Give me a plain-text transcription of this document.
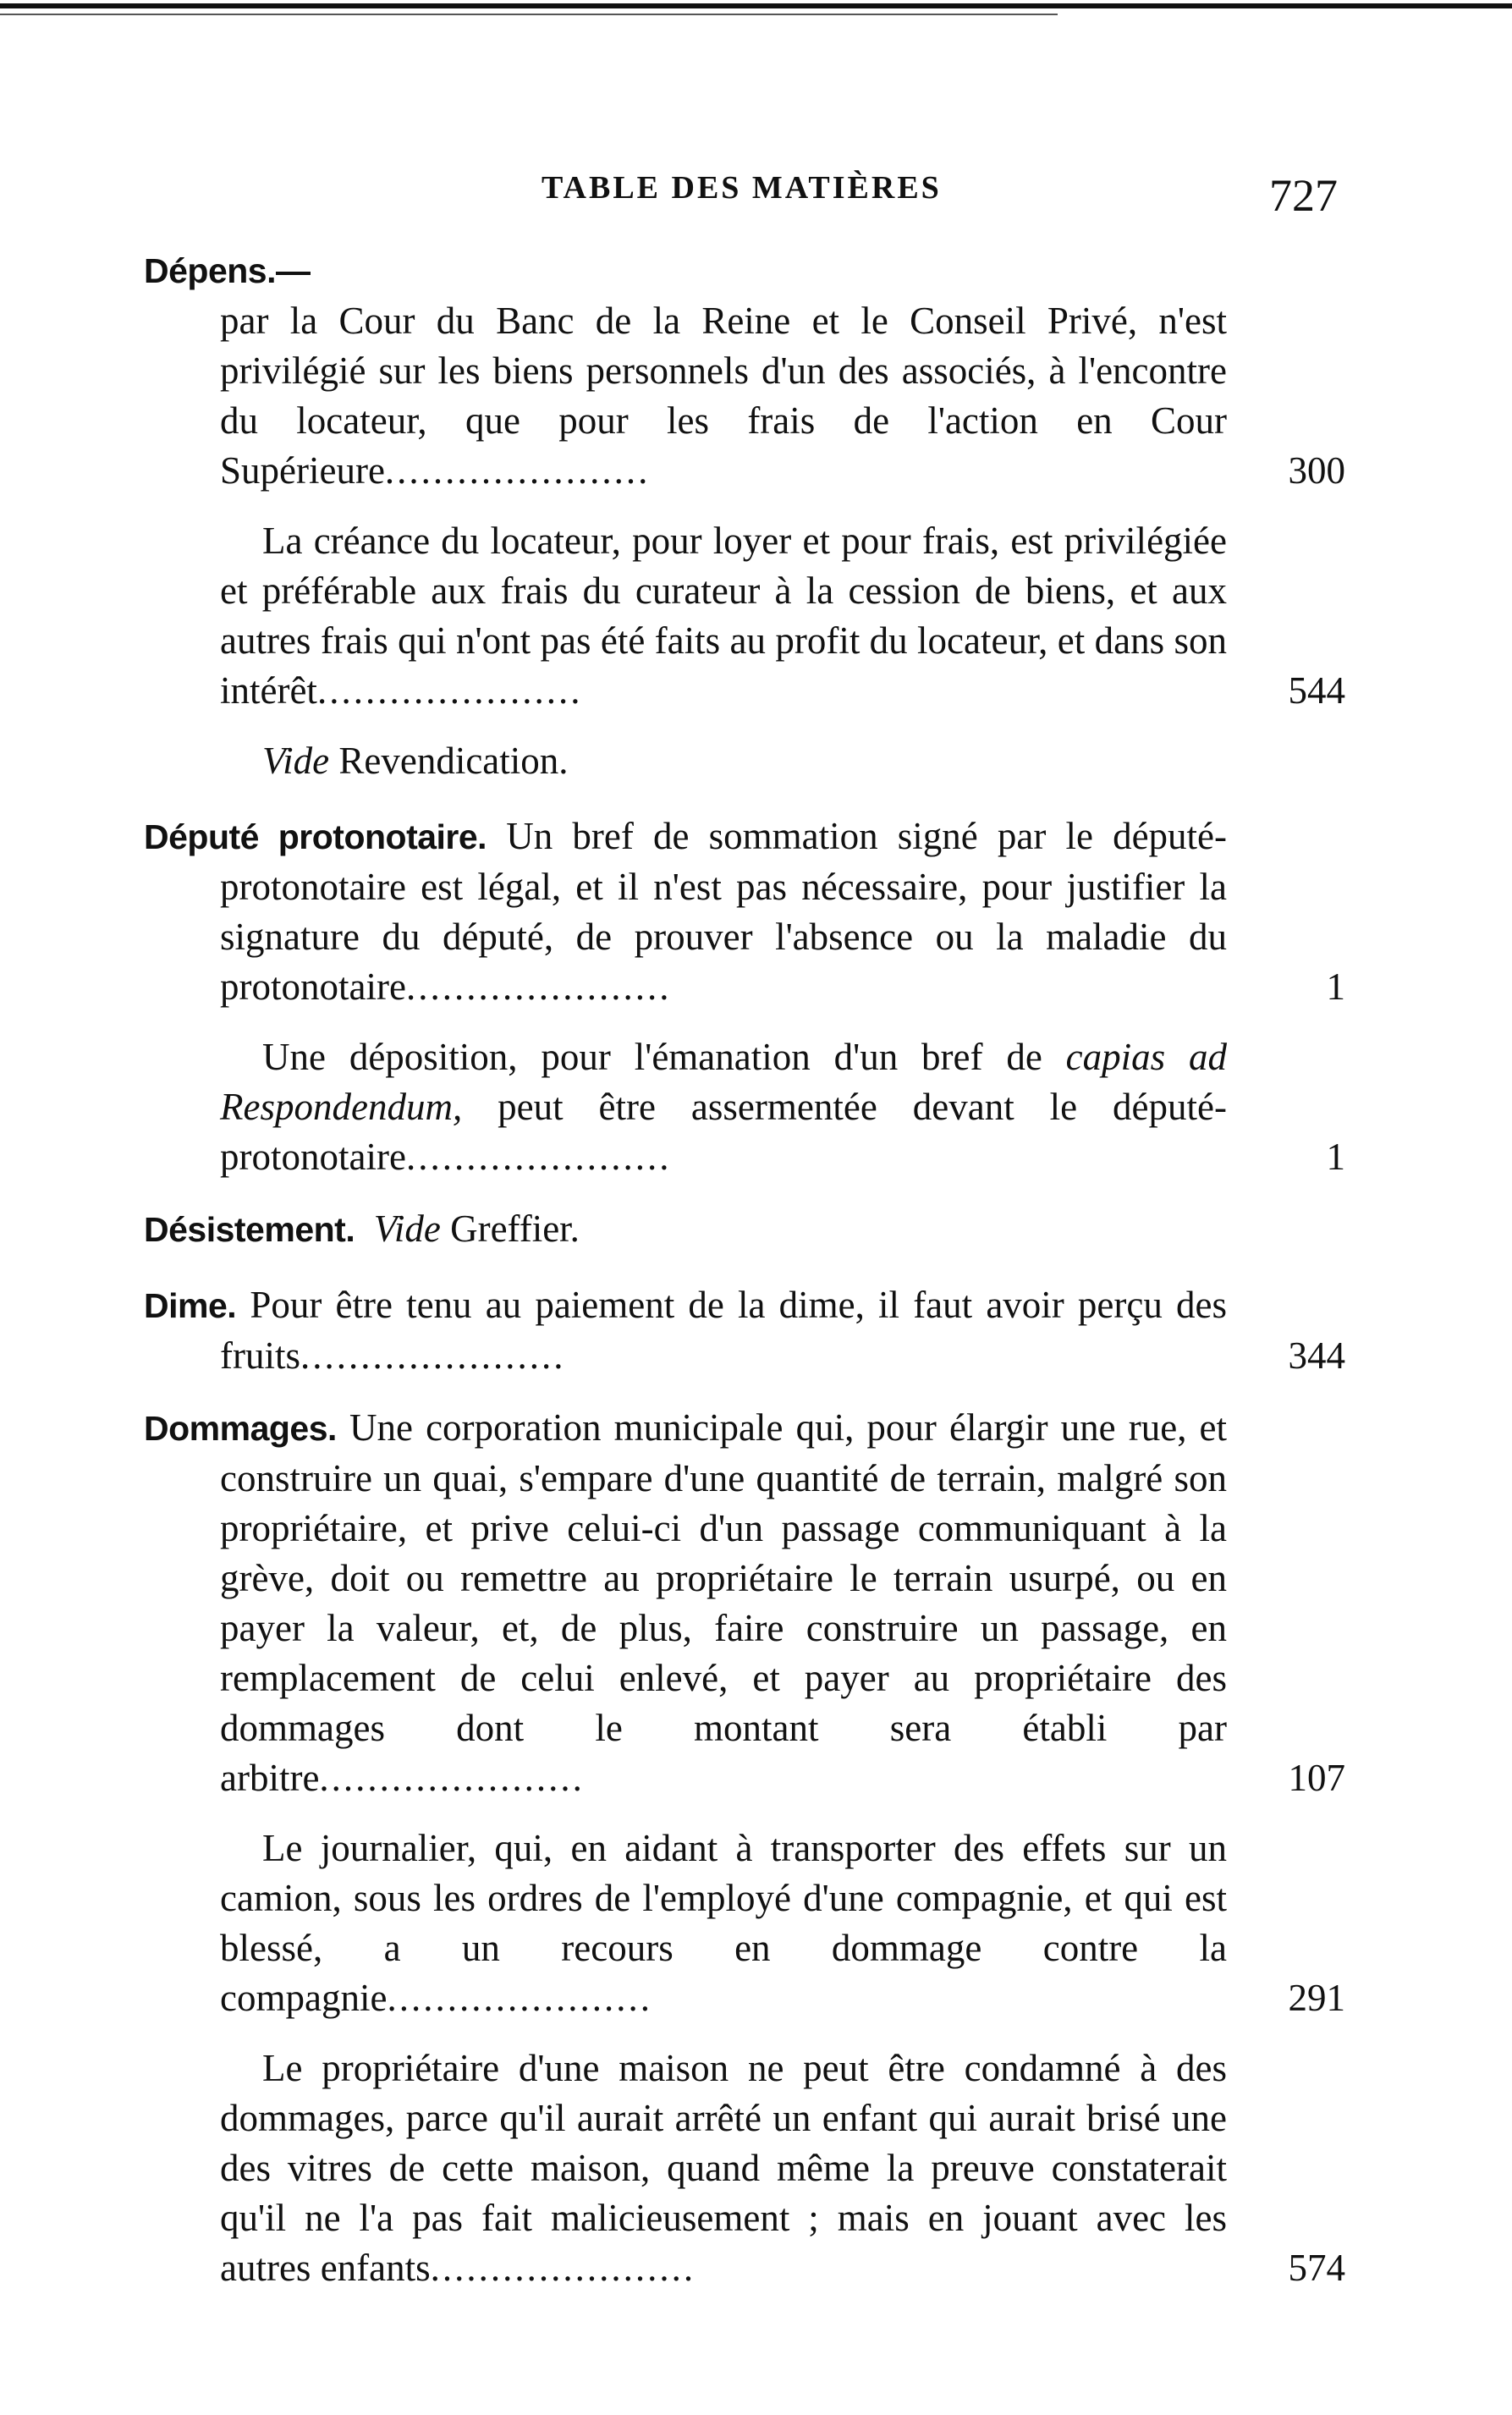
TABLE DES MATIÈRES	727
Dépens.—
par la Cour du Banc de la Reine et le Conseil Privé, n'est privilégié sur les biens personnels d'un des associés, à l'encontre du locateur, que pour les frais de l'action en Cour Supérieure......................	300
La créance du locateur, pour loyer et pour frais, est privilégiée et préférable aux frais du curateur à la cession de biens, et aux autres frais qui n'ont pas été faits au profit du locateur, et dans son intérêt......................	544
Vide Revendication.
Député protonotaire. Un bref de sommation signé par le député-protonotaire est légal, et il n'est pas nécessaire, pour justifier la signature du député, de prouver l'absence ou la maladie du protonotaire......................	1
Une déposition, pour l'émanation d'un bref de capias ad Respondendum, peut être assermentée devant le député-protonotaire......................	1
Désistement. Vide Greffier.
Dime. Pour être tenu au paiement de la dime, il faut avoir perçu des fruits......................	344
Dommages. Une corporation municipale qui, pour élargir une rue, et construire un quai, s'empare d'une quantité de terrain, malgré son propriétaire, et prive celui-ci d'un passage communiquant à la grève, doit ou remettre au propriétaire le terrain usurpé, ou en payer la valeur, et, de plus, faire construire un passage, en remplacement de celui enlevé, et payer au propriétaire des dommages dont le montant sera établi par arbitre......................	107
Le journalier, qui, en aidant à transporter des effets sur un camion, sous les ordres de l'employé d'une compagnie, et qui est blessé, a un recours en dommage contre la compagnie......................	291
Le propriétaire d'une maison ne peut être condamné à des dommages, parce qu'il aurait arrêté un enfant qui aurait brisé une des vitres de cette maison, quand même la preuve constaterait qu'il ne l'a pas fait malicieusement ; mais en jouant avec les autres enfants......................	574
